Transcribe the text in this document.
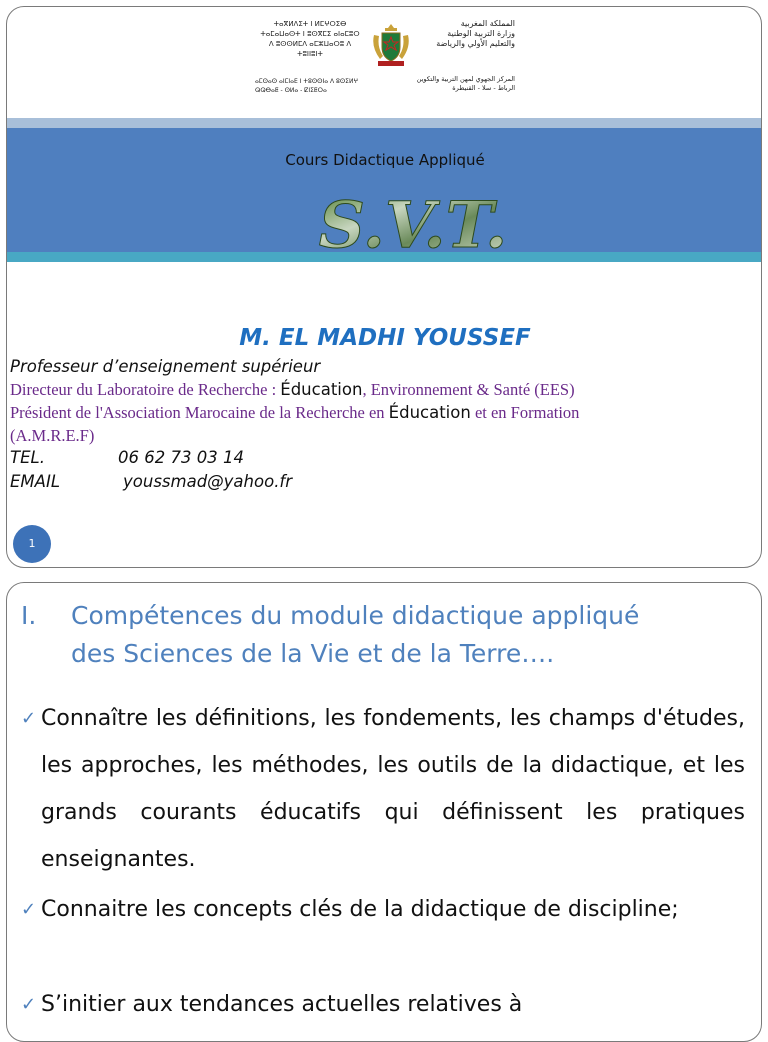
ⵜⴰⴳⵍⴷⵉⵜ ⵏ ⵍⵎⵖⵔⵉⴱ
ⵜⴰⵎⴰⵡⴰⵙⵜ ⵏ ⵓⵙⴳⵎⵉ ⴰⵏⴰⵎⵓⵔ
ⴷ ⵓⵙⵙⵍⵎⴷ ⴰⵎⵣⵡⴰⵔⵓ ⴷ ⵜⵓⵏⵏⵓⵏⵜ
المملكة المغربية
وزارة التربية الوطنية
والتعليم الأولي والرياضة
ⴰⵎⵙⴰⵙ ⴰⵏⵎⵏⴰⴹ ⵏ ⵜⵓⵙⵙⵏⴰ ⴷ ⵓⵙⵉⵍⵖ
ⵕⵕⴱⴰⵟ - ⵙⵍⴰ - ⵇⵏⵉⵟⵔⴰ
المركز الجهوي لمهن التربية والتكوين
الرباط - سلا - القنيطرة
Cours Didactique Appliqué
S.V.T.
M. EL MADHI YOUSSEF
Professeur d’enseignement supérieur
Directeur du Laboratoire de Recherche : Éducation, Environnement & Santé (EES)
Président de l'Association Marocaine de la Recherche en Éducation et en Formation
(A.M.R.E.F)
TEL.	06 62 73 03 14
EMAIL	youssmad@yahoo.fr
1
I. Compétences du module didactique appliqué
des Sciences de la Vie et de la Terre….
✓ Connaître les définitions, les fondements, les champs d'études, les approches, les méthodes, les outils de la didactique, et les grands courants éducatifs qui définissent les pratiques enseignantes.
✓ Connaitre les concepts clés de la didactique de discipline;
✓ S’initier aux tendances actuelles relatives à
